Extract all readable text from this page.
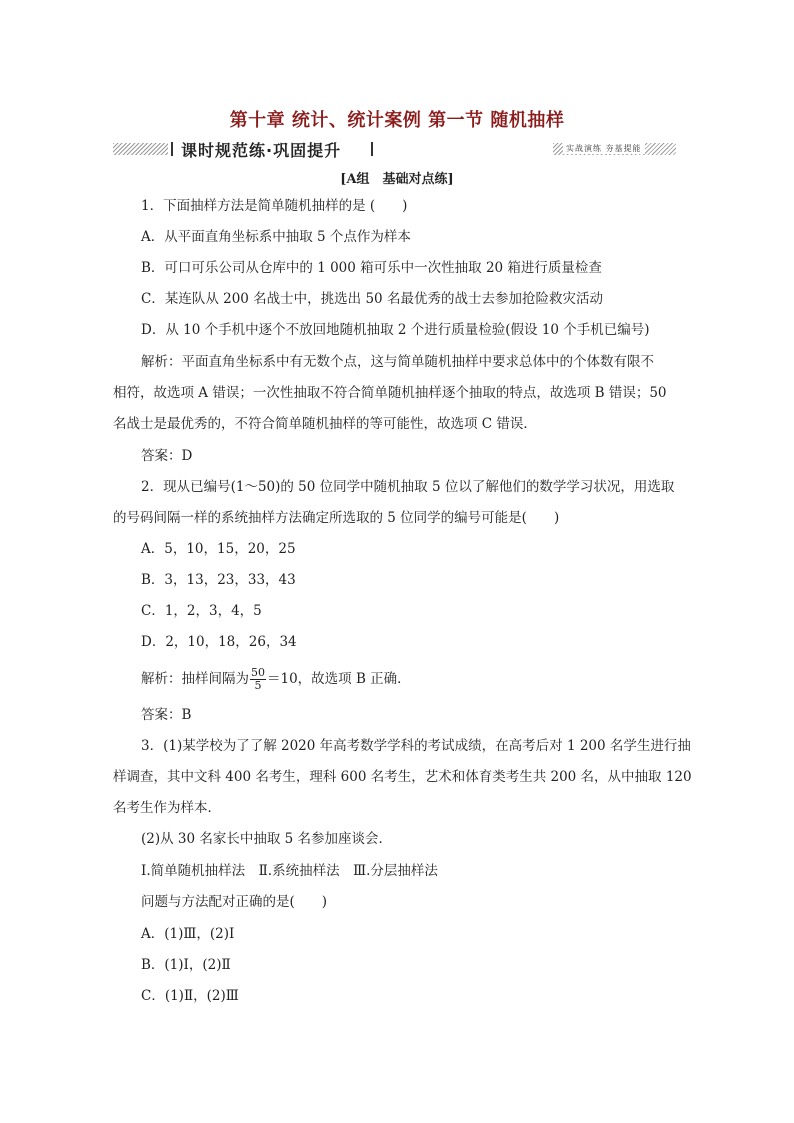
第十章 统计、统计案例 第一节 随机抽样
课时规范练·巩固提升	实战演练 夯基提能
[A组　基础对点练]
1．下面抽样方法是简单随机抽样的是 (　　)
A．从平面直角坐标系中抽取 5 个点作为样本
B．可口可乐公司从仓库中的 1 000 箱可乐中一次性抽取 20 箱进行质量检查
C．某连队从 200 名战士中，挑选出 50 名最优秀的战士去参加抢险救灾活动
D．从 10 个手机中逐个不放回地随机抽取 2 个进行质量检验(假设 10 个手机已编号)
解析：平面直角坐标系中有无数个点，这与简单随机抽样中要求总体中的个体数有限不
相符，故选项 A 错误；一次性抽取不符合简单随机抽样逐个抽取的特点，故选项 B 错误；50
名战士是最优秀的，不符合简单随机抽样的等可能性，故选项 C 错误．
答案：D
2．现从已编号(1～50)的 50 位同学中随机抽取 5 位以了解他们的数学学习状况，用选取
的号码间隔一样的系统抽样方法确定所选取的 5 位同学的编号可能是(　　)
A．5，10，15，20，25
B．3，13，23，33，43
C．1，2，3，4，5
D．2，10，18，26，34
解析：抽样间隔为 $\frac{50}{5} =10$，故选项 B 正确．
答案：B
3．(1)某学校为了了解 2020 年高考数学学科的考试成绩，在高考后对 1 200 名学生进行抽
样调查，其中文科 400 名考生，理科 600 名考生，艺术和体育类考生共 200 名，从中抽取 120
名考生作为样本．
(2)从 30 名家长中抽取 5 名参加座谈会．
Ⅰ.简单随机抽样法　Ⅱ.系统抽样法　Ⅲ.分层抽样法
问题与方法配对正确的是(　　)
A．(1)Ⅲ，(2)Ⅰ
B．(1)Ⅰ，(2)Ⅱ
C．(1)Ⅱ，(2)Ⅲ
